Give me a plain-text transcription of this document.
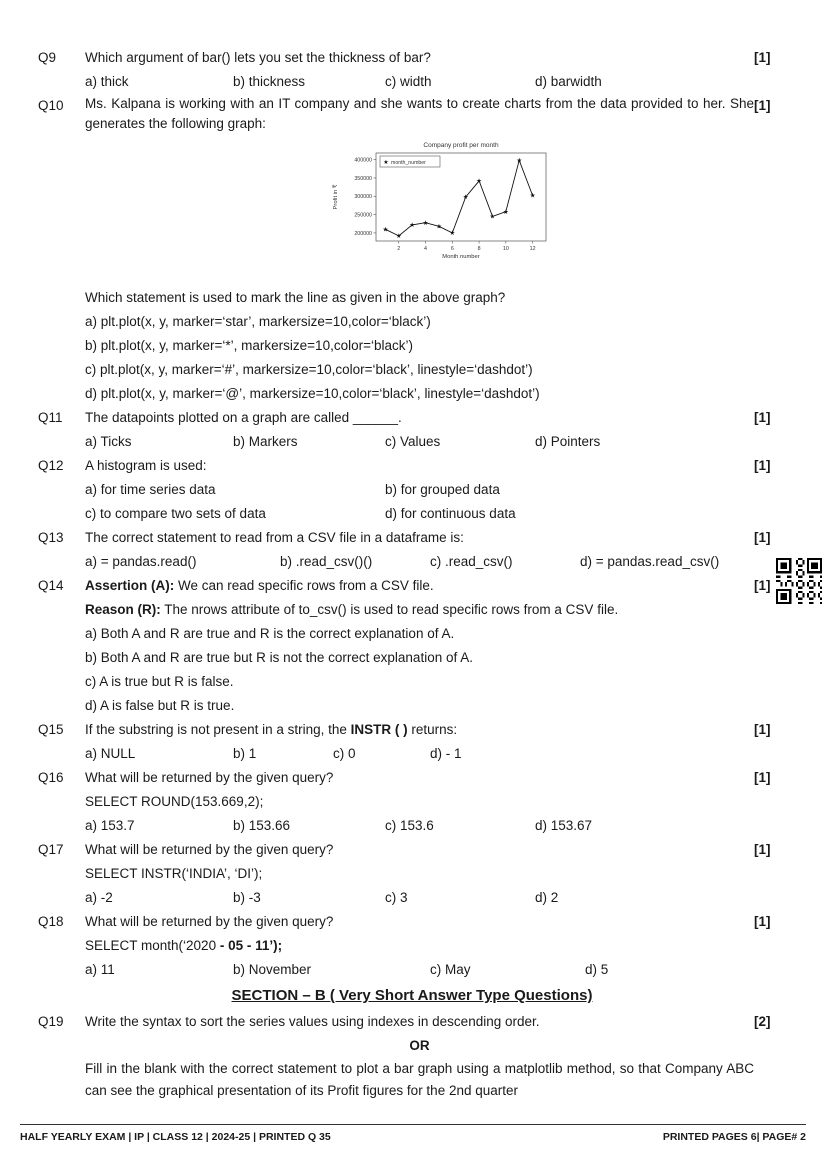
Q9	Which argument of bar() lets you set the thickness of bar?
a) thick	b) thickness	c) width	d) barwidth
[1]
Q10	Ms. Kalpana is working with an IT company and she wants to create charts from the data provided to her. She generates the following graph:
Company profit per month
200000
250000
300000
350000
400000
2	4	6	8	10	12
Month number
Profit in ₹
★
★
★ ★
★
★
★
★
★
★
★
★
★ month_number
Which statement is used to mark the line as given in the above graph?
a) plt.plot(x, y, marker=‘star’, markersize=10,color=‘black’)
b) plt.plot(x, y, marker=‘*’, markersize=10,color=‘black’)
c) plt.plot(x, y, marker=‘#’, markersize=10,color=‘black’, linestyle=‘dashdot’)
d) plt.plot(x, y, marker=‘@’, markersize=10,color=‘black’, linestyle=‘dashdot’)
[1]
Q11	The datapoints plotted on a graph are called ______.
a) Ticks	b) Markers	c) Values	d) Pointers
[1]
Q12	A histogram is used:
a) for time series data	b) for grouped data
c) to compare two sets of data	d) for continuous data
[1]
Q13	The correct statement to read from a CSV file in a dataframe is:
a) = pandas.read()	b) .read_csv()()	c) .read_csv()	d) = pandas.read_csv()
[1]
Q14	Assertion (A): We can read specific rows from a CSV file.
Reason (R): The nrows attribute of to_csv() is used to read specific rows from a CSV file.
a) Both A and R are true and R is the correct explanation of A.
b) Both A and R are true but R is not the correct explanation of A.
c) A is true but R is false.
d) A is false but R is true.
[1]
Q15	If the substring is not present in a string, the INSTR ( ) returns:
a) NULL	b) 1	c) 0	d) - 1
[1]
Q16	What will be returned by the given query?
SELECT ROUND(153.669,2);
a) 153.7	b) 153.66	c) 153.6	d) 153.67
[1]
Q17	What will be returned by the given query?
SELECT INSTR(‘INDIA’, ‘DI’);
a) -2	b) -3	c) 3	d) 2
[1]
Q18	What will be returned by the given query?
SELECT month(‘2020 - 05 - 11’);
a) 11	b) November	c) May	d) 5
[1]
SECTION – B ( Very Short Answer Type Questions)
Q19	Write the syntax to sort the series values using indexes in descending order.
OR
Fill in the blank with the correct statement to plot a bar graph using a matplotlib method, so that Company ABC can see the graphical presentation of its Profit figures for the 2nd quarter
[2]
HALF YEARLY EXAM | IP | CLASS 12 | 2024-25 | PRINTED Q 35	PRINTED PAGES 6| PAGE# 2
